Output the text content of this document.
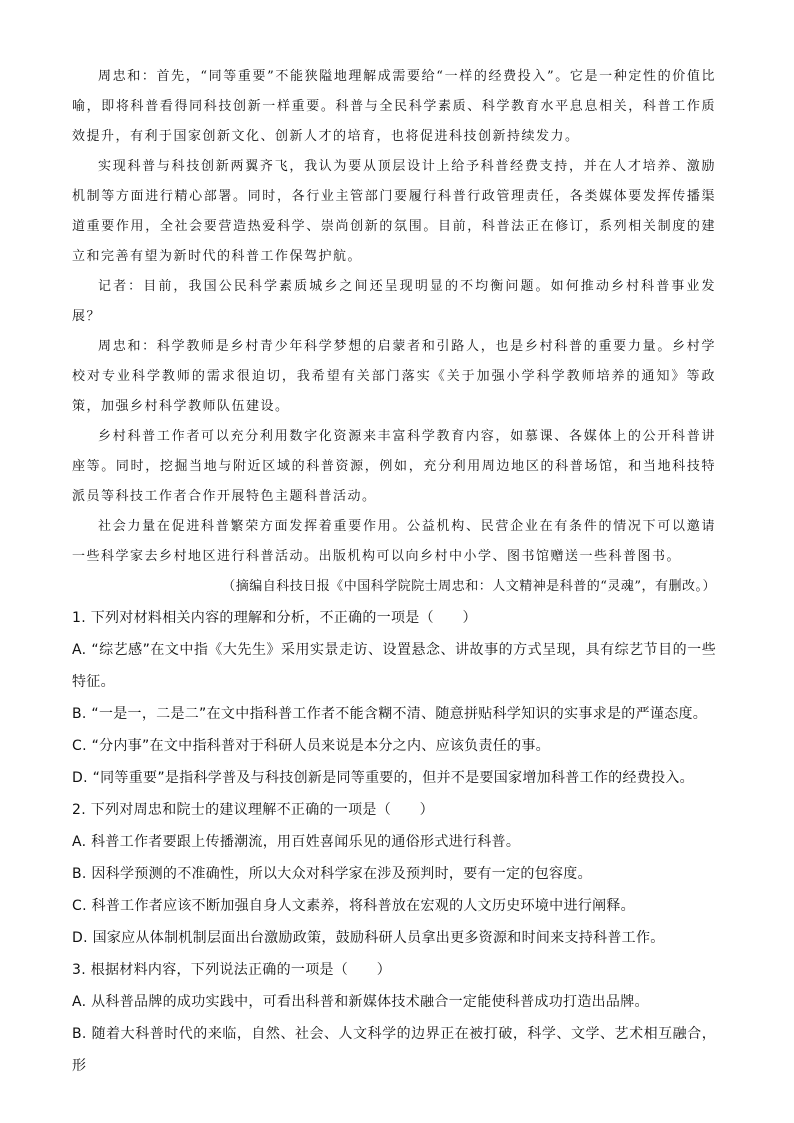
周忠和：首先，“同等重要”不能狭隘地理解成需要给“一样的经费投入”。它是一种定性的价值比喻，即将科普看得同科技创新一样重要。科普与全民科学素质、科学教育水平息息相关，科普工作质效提升，有利于国家创新文化、创新人才的培育，也将促进科技创新持续发力。

实现科普与科技创新两翼齐飞，我认为要从顶层设计上给予科普经费支持，并在人才培养、激励机制等方面进行精心部署。同时，各行业主管部门要履行科普行政管理责任，各类媒体要发挥传播渠道重要作用，全社会要营造热爱科学、崇尚创新的氛围。目前，科普法正在修订，系列相关制度的建立和完善有望为新时代的科普工作保驾护航。

记者：目前，我国公民科学素质城乡之间还呈现明显的不均衡问题。如何推动乡村科普事业发展？

周忠和：科学教师是乡村青少年科学梦想的启蒙者和引路人，也是乡村科普的重要力量。乡村学校对专业科学教师的需求很迫切，我希望有关部门落实《关于加强小学科学教师培养的通知》等政策，加强乡村科学教师队伍建设。

乡村科普工作者可以充分利用数字化资源来丰富科学教育内容，如慕课、各媒体上的公开科普讲座等。同时，挖掘当地与附近区域的科普资源，例如，充分利用周边地区的科普场馆，和当地科技特派员等科技工作者合作开展特色主题科普活动。

社会力量在促进科普繁荣方面发挥着重要作用。公益机构、民营企业在有条件的情况下可以邀请一些科学家去乡村地区进行科普活动。出版机构可以向乡村中小学、图书馆赠送一些科普图书。

（摘编自科技日报《中国科学院院士周忠和：人文精神是科普的“灵魂”，有删改。）

1. 下列对材料相关内容的理解和分析，不正确的一项是（　　）

A. “综艺感”在文中指《大先生》采用实景走访、设置悬念、讲故事的方式呈现，具有综艺节目的一些特征。

B. “一是一，二是二”在文中指科普工作者不能含糊不清、随意拼贴科学知识的实事求是的严谨态度。

C. “分内事”在文中指科普对于科研人员来说是本分之内、应该负责任的事。

D. “同等重要”是指科学普及与科技创新是同等重要的，但并不是要国家增加科普工作的经费投入。

2. 下列对周忠和院士的建议理解不正确的一项是（　　）

A. 科普工作者要跟上传播潮流，用百姓喜闻乐见的通俗形式进行科普。

B. 因科学预测的不准确性，所以大众对科学家在涉及预判时，要有一定的包容度。

C. 科普工作者应该不断加强自身人文素养，将科普放在宏观的人文历史环境中进行阐释。

D. 国家应从体制机制层面出台激励政策，鼓励科研人员拿出更多资源和时间来支持科普工作。

3. 根据材料内容，下列说法正确的一项是（　　）

A. 从科普品牌的成功实践中，可看出科普和新媒体技术融合一定能使科普成功打造出品牌。

B. 随着大科普时代的来临，自然、社会、人文科学的边界正在被打破，科学、文学、艺术相互融合，形
